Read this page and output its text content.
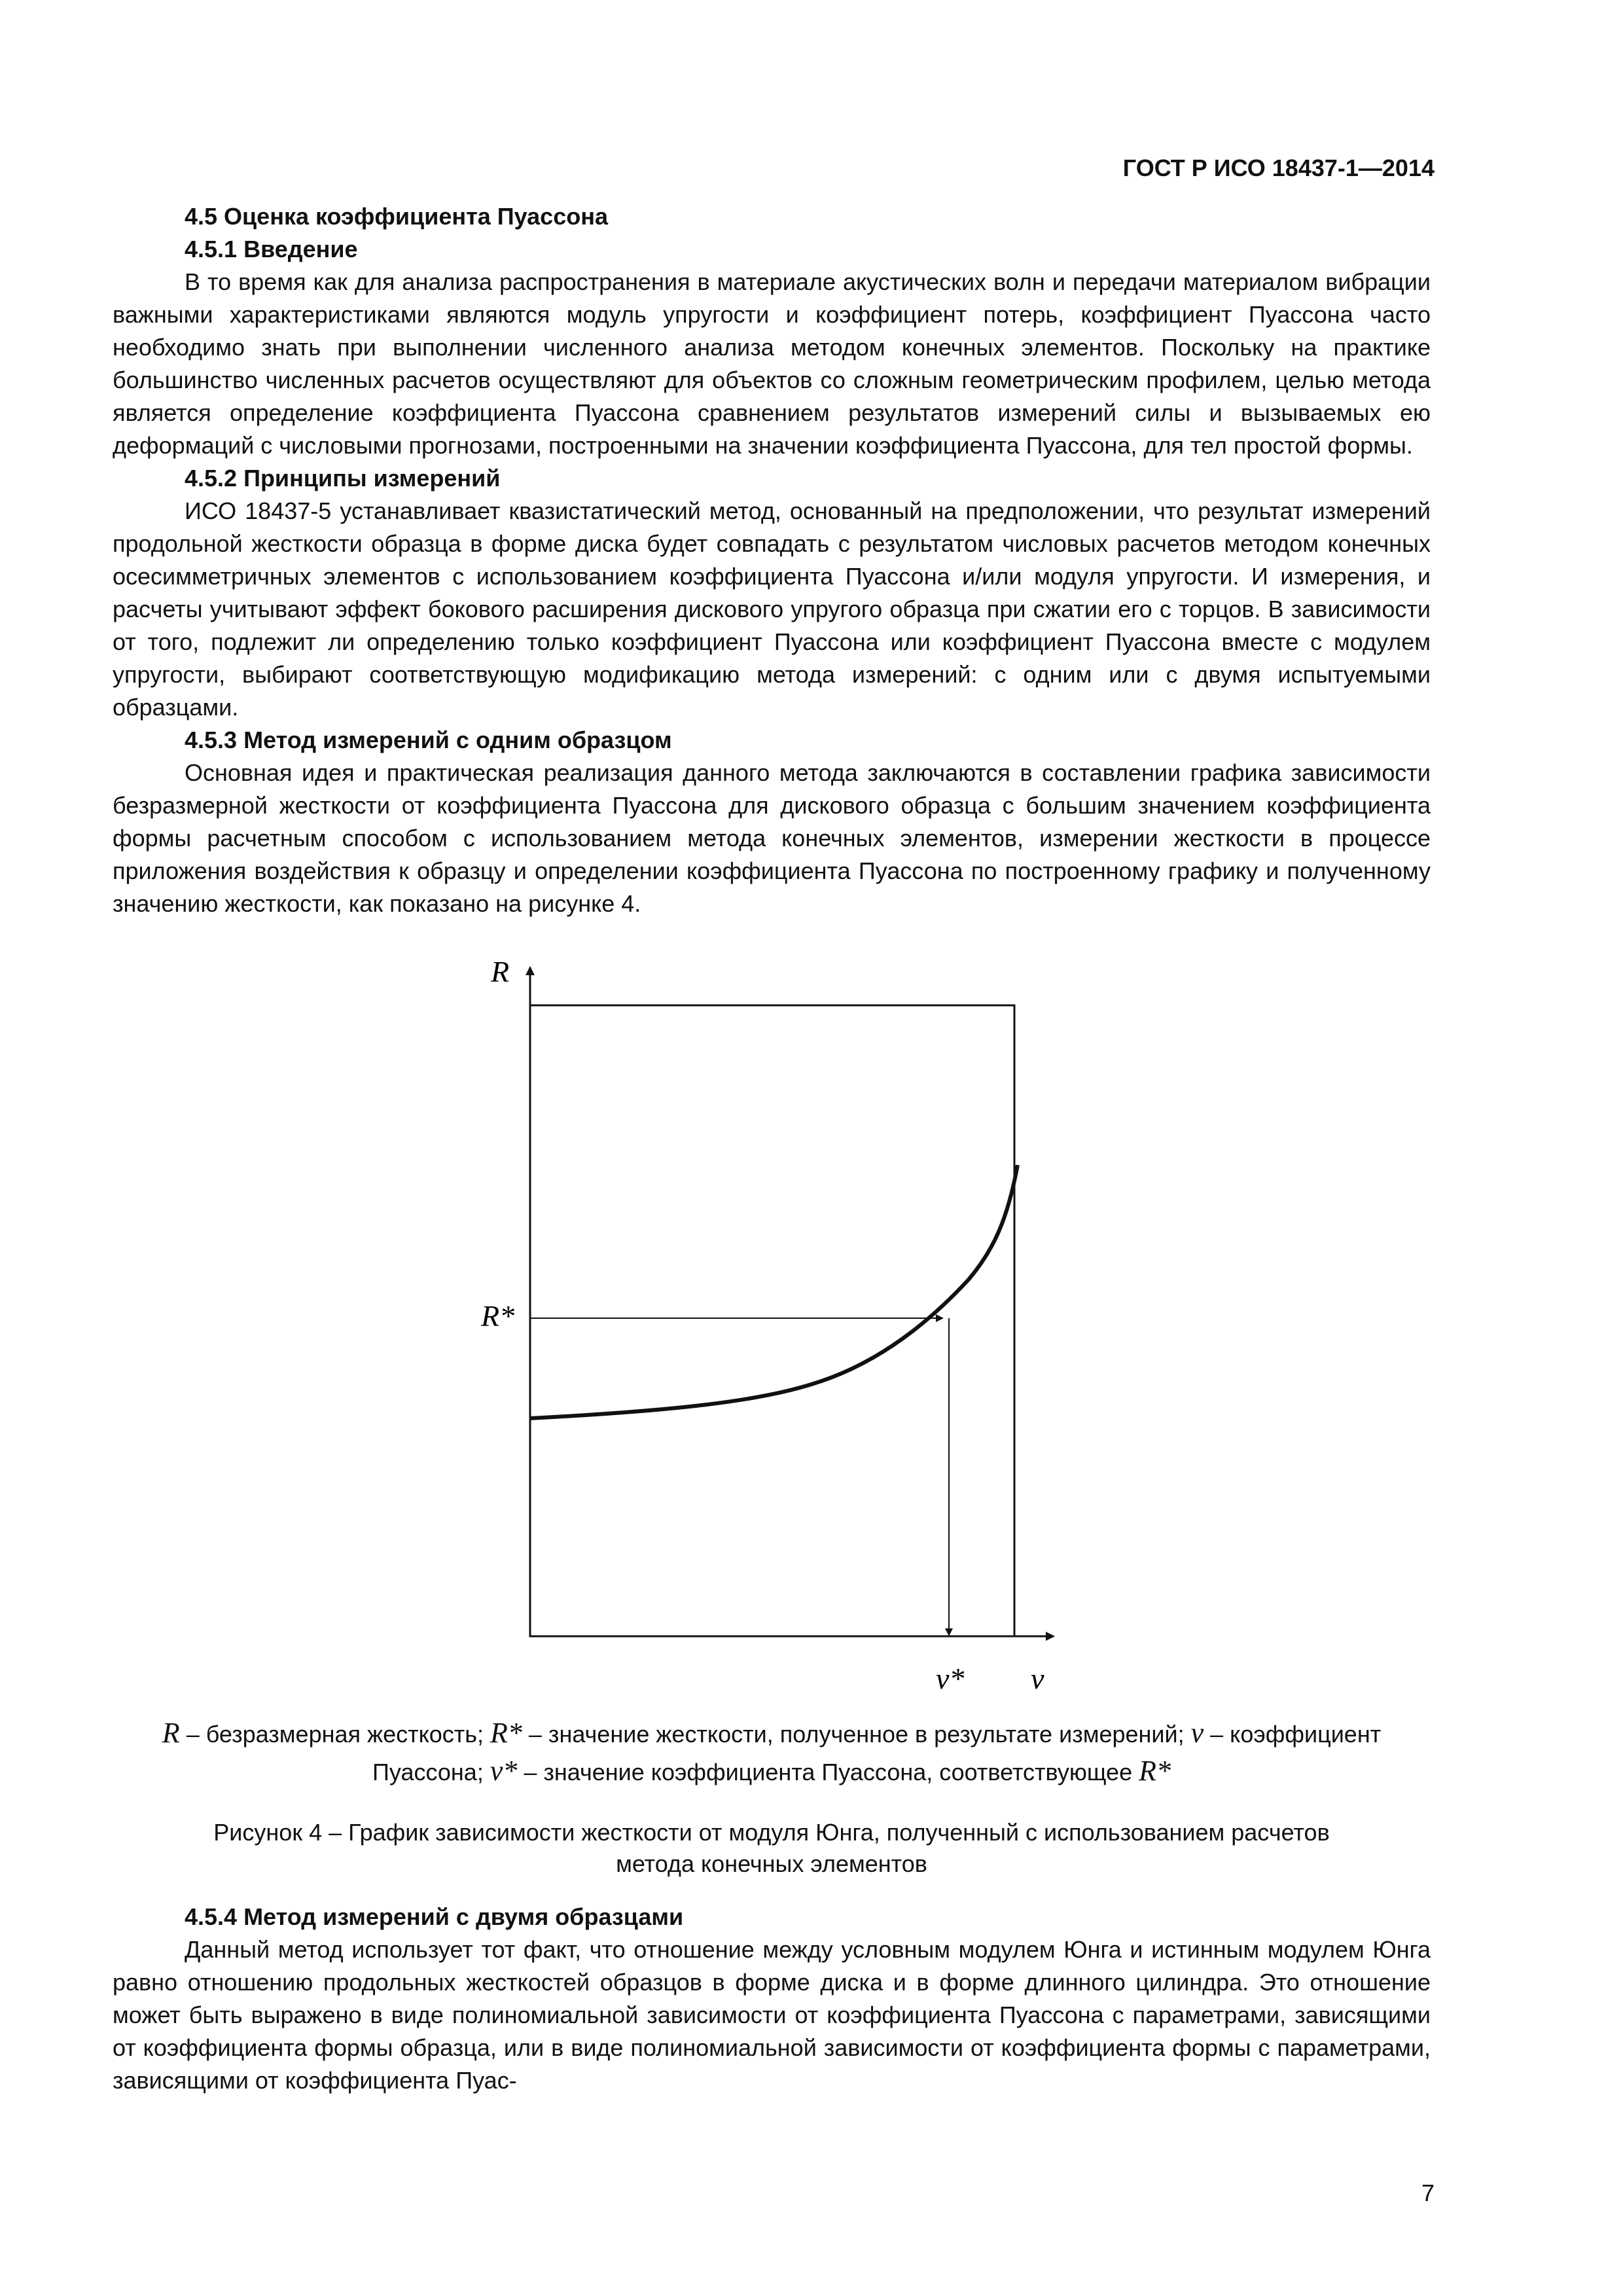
ГОСТ Р ИСО 18437-1—2014
4.5 Оценка коэффициента Пуассона
4.5.1 Введение

В то время как для анализа распространения в материале акустических волн и передачи материалом вибрации важными характеристиками являются модуль упругости и коэффициент потерь, коэффициент Пуассона часто необходимо знать при выполнении численного анализа методом конечных элементов. Поскольку на практике большинство численных расчетов осуществляют для объектов со сложным геометрическим профилем, целью метода является определение коэффициента Пуассона сравнением результатов измерений силы и вызываемых ею деформаций с числовыми прогнозами, построенными на значении коэффициента Пуассона, для тел простой формы.

4.5.2 Принципы измерений

ИСО 18437-5 устанавливает квазистатический метод, основанный на предположении, что результат измерений продольной жесткости образца в форме диска будет совпадать с результатом числовых расчетов методом конечных осесимметричных элементов с использованием коэффициента Пуассона и/или модуля упругости. И измерения, и расчеты учитывают эффект бокового расширения дискового упругого образца при сжатии его с торцов. В зависимости от того, подлежит ли определению только коэффициент Пуассона или коэффициент Пуассона вместе с модулем упругости, выбирают соответствующую модификацию метода измерений: с одним или с двумя испытуемыми образцами.

4.5.3 Метод измерений с одним образцом

Основная идея и практическая реализация данного метода заключаются в составлении графика зависимости безразмерной жесткости от коэффициента Пуассона для дискового образца с большим значением коэффициента формы расчетным способом с использованием метода конечных элементов, измерении жесткости в процессе приложения воздействия к образцу и определении коэффициента Пуассона по построенному графику и полученному значению жесткости, как показано на рисунке 4.

R
R*
ν* ν
R – безразмерная жесткость; R* – значение жесткости, полученное в результате измерений; ν – коэффициент Пуассона; ν* – значение коэффициента Пуассона, соответствующее R*
Рисунок 4 – График зависимости жесткости от модуля Юнга, полученный с использованием расчетов
метода конечных элементов
4.5.4 Метод измерений с двумя образцами

Данный метод использует тот факт, что отношение между условным модулем Юнга и истинным модулем Юнга равно отношению продольных жесткостей образцов в форме диска и в форме длинного цилиндра. Это отношение может быть выражено в виде полиномиальной зависимости от коэффициента Пуассона с параметрами, зависящими от коэффициента формы образца, или в виде полиномиальной зависимости от коэффициента формы с параметрами, зависящими от коэффициента Пуас-

7
